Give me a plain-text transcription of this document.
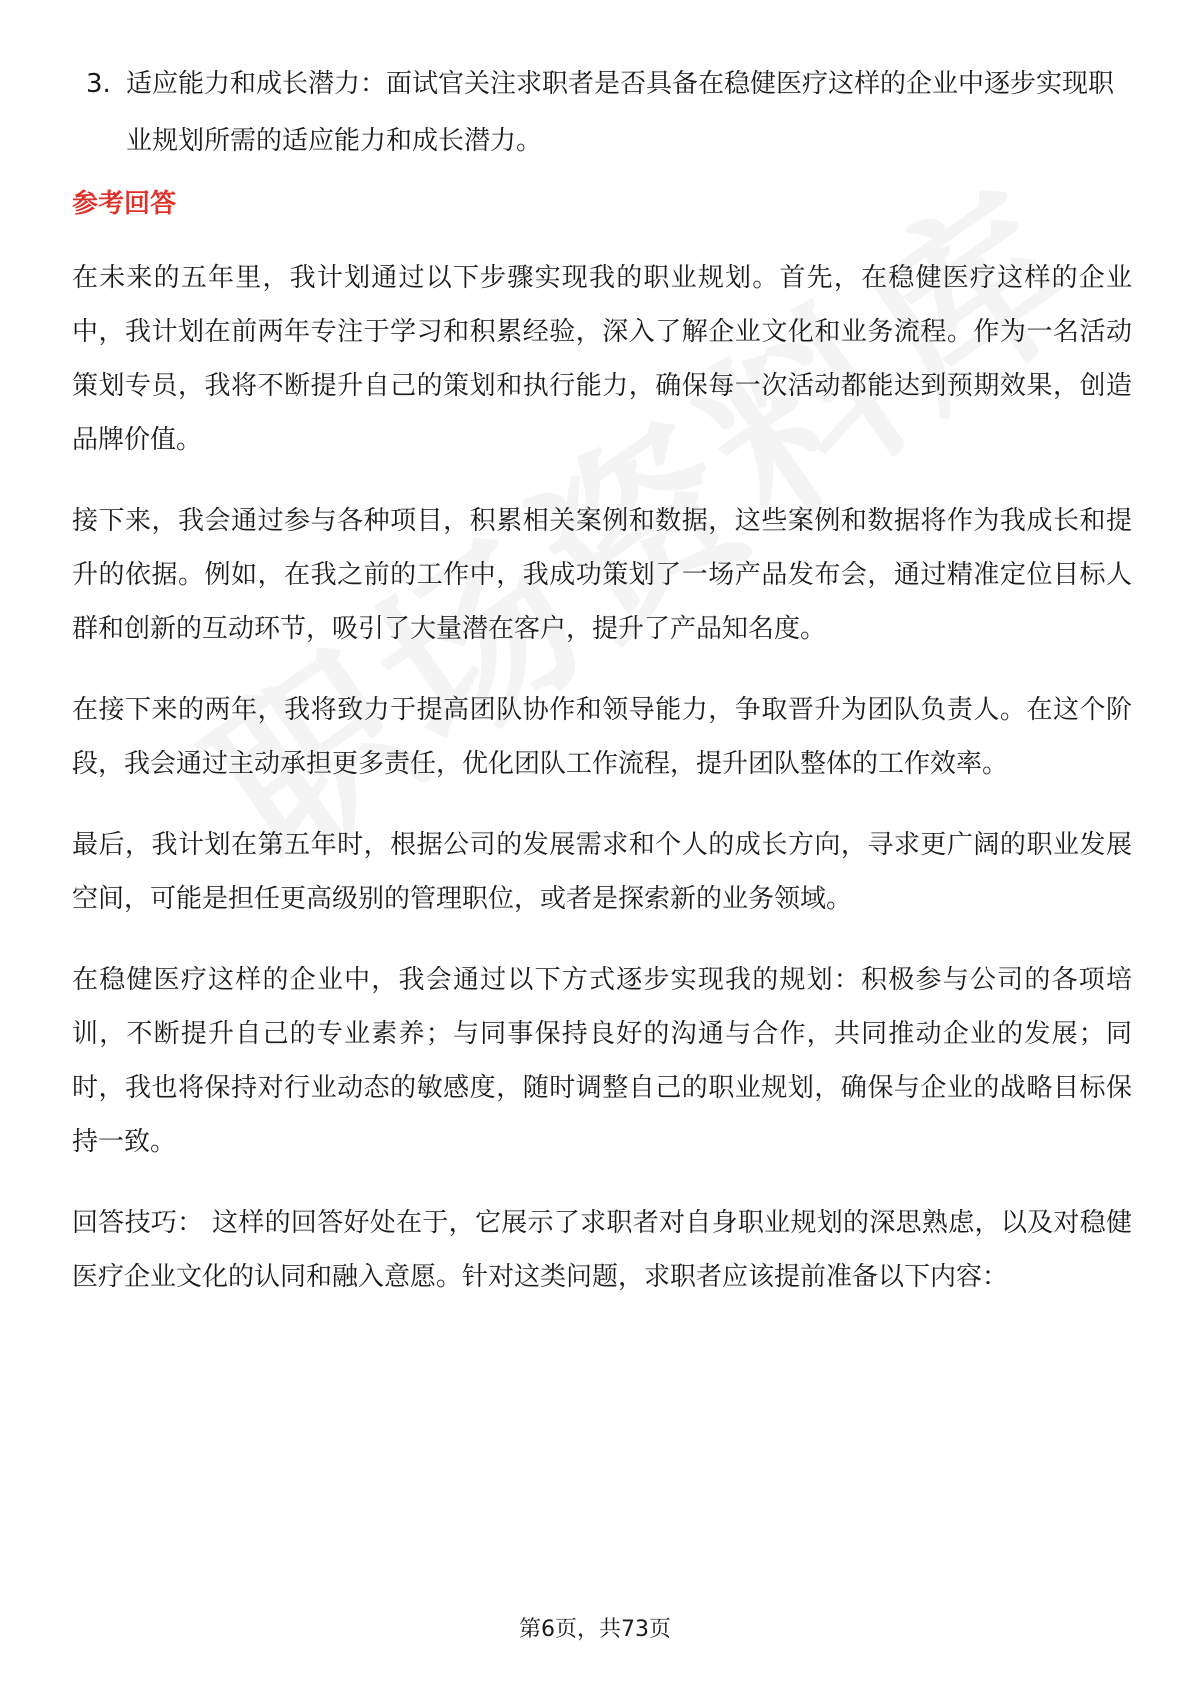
3. 适应能力和成长潜力：面试官关注求职者是否具备在稳健医疗这样的企业中逐步实现职业规划所需的适应能力和成长潜力。
参考回答

在未来的五年里，我计划通过以下步骤实现我的职业规划。首先，在稳健医疗这样的企业中，我计划在前两年专注于学习和积累经验，深入了解企业文化和业务流程。作为一名活动策划专员，我将不断提升自己的策划和执行能力，确保每一次活动都能达到预期效果，创造品牌价值。

接下来，我会通过参与各种项目，积累相关案例和数据，这些案例和数据将作为我成长和提升的依据。例如，在我之前的工作中，我成功策划了一场产品发布会，通过精准定位目标人群和创新的互动环节，吸引了大量潜在客户，提升了产品知名度。

在接下来的两年，我将致力于提高团队协作和领导能力，争取晋升为团队负责人。在这个阶段，我会通过主动承担更多责任，优化团队工作流程，提升团队整体的工作效率。

最后，我计划在第五年时，根据公司的发展需求和个人的成长方向，寻求更广阔的职业发展空间，可能是担任更高级别的管理职位，或者是探索新的业务领域。

在稳健医疗这样的企业中，我会通过以下方式逐步实现我的规划：积极参与公司的各项培训，不断提升自己的专业素养；与同事保持良好的沟通与合作，共同推动企业的发展；同时，我也将保持对行业动态的敏感度，随时调整自己的职业规划，确保与企业的战略目标保持一致。

回答技巧： 这样的回答好处在于，它展示了求职者对自身职业规划的深思熟虑，以及对稳健医疗企业文化的认同和融入意愿。针对这类问题，求职者应该提前准备以下内容：

第6页，共73页
